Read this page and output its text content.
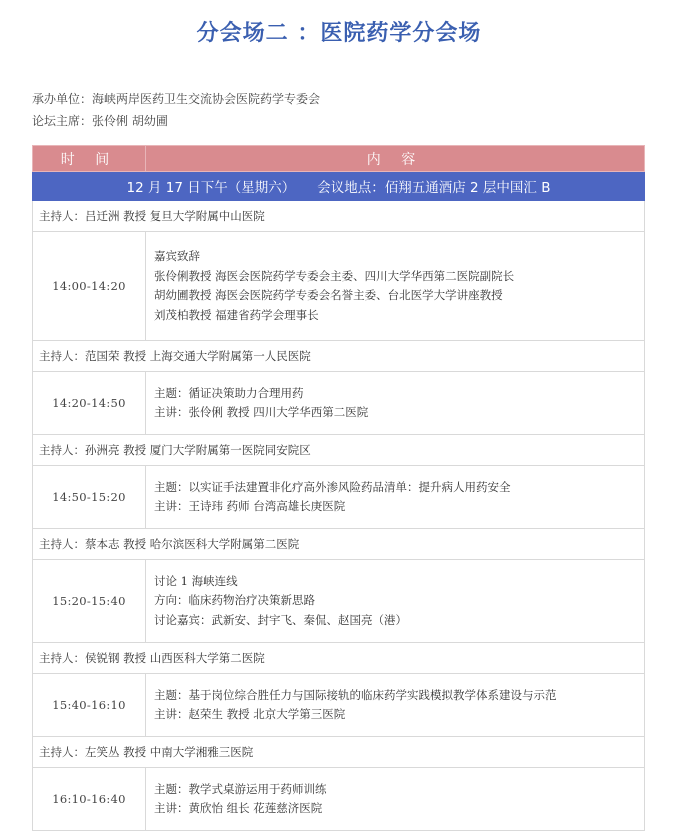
分会场二 ：医院药学分会场
承办单位：海峡两岸医药卫生交流协会医院药学专委会
论坛主席：张伶俐 胡幼圃
时 间	内 容
12 月 17 日下午（星期六） 会议地点：佰翔五通酒店 2 层中国汇 B	
主持人：吕迁洲 教授 复旦大学附属中山医院	
14:00-14:20	嘉宾致辞
张伶俐教授 海医会医院药学专委会主委、四川大学华西第二医院副院长
胡幼圃教授 海医会医院药学专委会名誉主委、台北医学大学讲座教授
刘茂柏教授 福建省药学会理事长

主持人：范国荣 教授 上海交通大学附属第一人民医院	
14:20-14:50	主题：循证决策助力合理用药
主讲：张伶俐 教授 四川大学华西第二医院

主持人：孙洲亮 教授 厦门大学附属第一医院同安院区	
14:50-15:20	主题：以实证手法建置非化疗高外渗风险药品清单：提升病人用药安全
主讲：王诗玮 药师 台湾高雄长庚医院

主持人：蔡本志 教授 哈尔滨医科大学附属第二医院	
15:20-15:40	讨论 1 海峡连线
方向：临床药物治疗决策新思路
讨论嘉宾：武新安、封宇飞、秦侃、赵国亮（港）

主持人：侯锐钢 教授 山西医科大学第二医院	
15:40-16:10	主题：基于岗位综合胜任力与国际接轨的临床药学实践模拟教学体系建设与示范
主讲：赵荣生 教授 北京大学第三医院

主持人：左笑丛 教授 中南大学湘雅三医院	
16:10-16:40	主题：教学式桌游运用于药师训练
主讲：黄欣怡 组长 花莲慈济医院
